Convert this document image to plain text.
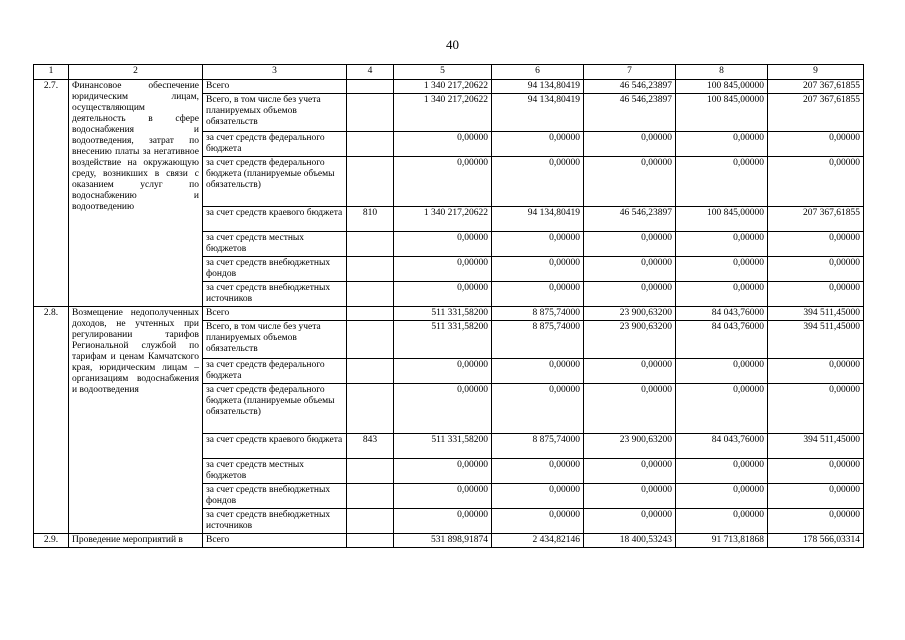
40
1	2	3	4	5	6	7	8	9
2.7.	Финансовое обеспечение юридическим лицам, осуществляющим деятельность в сфере водоснабжения и водоотведения, затрат по внесению платы за негативное воздействие на окружающую среду, возникших в связи с оказанием услуг по водоснабжению и водоотведению	Всего		1 340 217,20622	94 134,80419	46 546,23897	100 845,00000	207 367,61855
		Всего, в том числе без учета планируемых объемов обязательств		1 340 217,20622	94 134,80419	46 546,23897	100 845,00000	207 367,61855
		за счет средств федерального бюджета		0,00000	0,00000	0,00000	0,00000	0,00000
		за счет средств федерального бюджета (планируемые объемы обязательств)		0,00000	0,00000	0,00000	0,00000	0,00000
		за счет средств краевого бюджета	810	1 340 217,20622	94 134,80419	46 546,23897	100 845,00000	207 367,61855
		за счет средств местных бюджетов		0,00000	0,00000	0,00000	0,00000	0,00000
		за счет средств внебюджетных фондов		0,00000	0,00000	0,00000	0,00000	0,00000
		за счет средств внебюджетных источников		0,00000	0,00000	0,00000	0,00000	0,00000
2.8.	Возмещение недополученных доходов, не учтенных при регулировании тарифов Региональной службой по тарифам и ценам Камчатского края, юридическим лицам – организациям водоснабжения и водоотведения	Всего		511 331,58200	8 875,74000	23 900,63200	84 043,76000	394 511,45000
		Всего, в том числе без учета планируемых объемов обязательств		511 331,58200	8 875,74000	23 900,63200	84 043,76000	394 511,45000
		за счет средств федерального бюджета		0,00000	0,00000	0,00000	0,00000	0,00000
		за счет средств федерального бюджета (планируемые объемы обязательств)		0,00000	0,00000	0,00000	0,00000	0,00000
		за счет средств краевого бюджета	843	511 331,58200	8 875,74000	23 900,63200	84 043,76000	394 511,45000
		за счет средств местных бюджетов		0,00000	0,00000	0,00000	0,00000	0,00000
		за счет средств внебюджетных фондов		0,00000	0,00000	0,00000	0,00000	0,00000
		за счет средств внебюджетных источников		0,00000	0,00000	0,00000	0,00000	0,00000
2.9.	Проведение мероприятий в	Всего		531 898,91874	2 434,82146	18 400,53243	91 713,81868	178 566,03314
